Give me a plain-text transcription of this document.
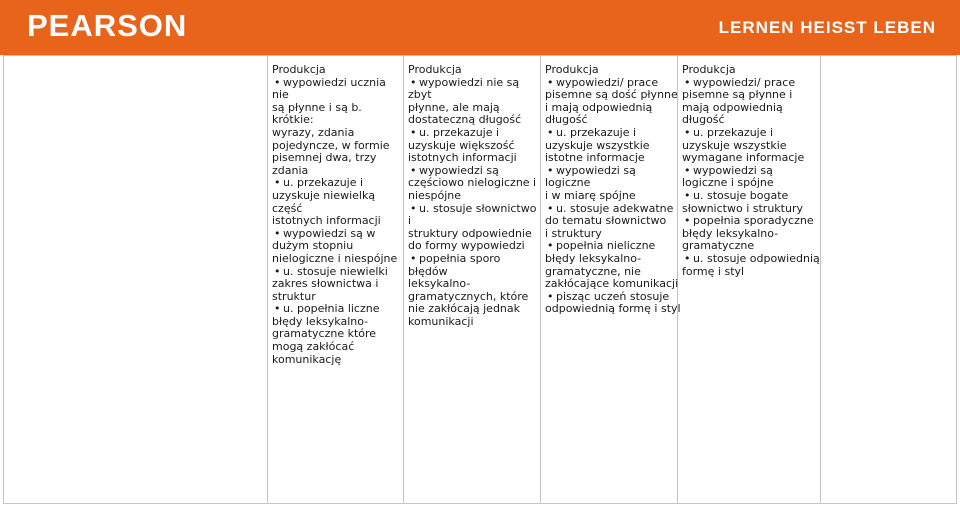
PEARSON	LERNEN HEISST LEBEN
Produkcja
• wypowiedzi ucznia nie
są płynne i są b. krótkie:
wyrazy, zdania
pojedyncze, w formie
pisemnej dwa, trzy
zdania
• u. przekazuje i
uzyskuje niewielką część
istotnych informacji
• wypowiedzi są w
dużym stopniu
nielogiczne i niespójne
• u. stosuje niewielki
zakres słownictwa i
struktur
• u. popełnia liczne
błędy leksykalno-
gramatyczne które
mogą zakłócać
komunikację
Produkcja
• wypowiedzi nie są zbyt
płynne, ale mają
dostateczną długość
• u. przekazuje i
uzyskuje większość
istotnych informacji
• wypowiedzi są
częściowo nielogiczne i
niespójne
• u. stosuje słownictwo i
struktury odpowiednie
do formy wypowiedzi
• popełnia sporo błędów
leksykalno-
gramatycznych, które
nie zakłócają jednak
komunikacji
Produkcja
• wypowiedzi/ prace
pisemne są dość płynne
i mają odpowiednią
długość
• u. przekazuje i
uzyskuje wszystkie
istotne informacje
• wypowiedzi są logiczne
i w miarę spójne
• u. stosuje adekwatne
do tematu słownictwo
i struktury
• popełnia nieliczne
błędy leksykalno-
gramatyczne, nie
zakłócające komunikacji
• pisząc uczeń stosuje
odpowiednią formę i styl
Produkcja
• wypowiedzi/ prace
pisemne są płynne i
mają odpowiednią
długość
• u. przekazuje i
uzyskuje wszystkie
wymagane informacje
• wypowiedzi są
logiczne i spójne
• u. stosuje bogate
słownictwo i struktury
• popełnia sporadyczne
błędy leksykalno-
gramatyczne
• u. stosuje odpowiednią
formę i styl
